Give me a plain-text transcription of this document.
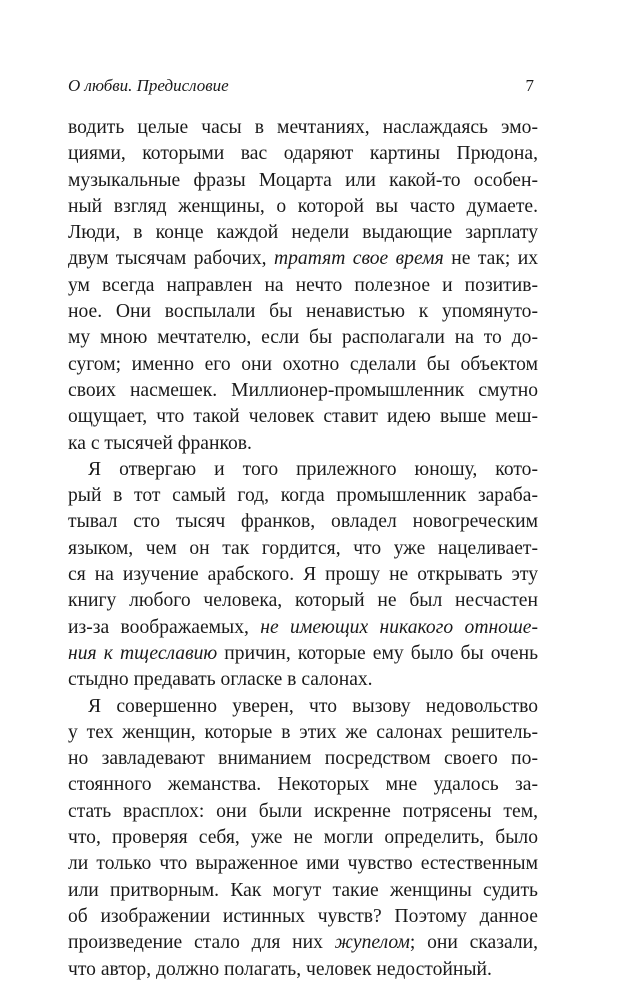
О любви. Предисловие	7
водить целые часы в мечтаниях, наслаждаясь эмо-
циями, которыми вас одаряют картины Прюдона,
музыкальные фразы Моцарта или какой-то особен-
ный взгляд женщины, о которой вы часто думаете.
Люди, в конце каждой недели выдающие зарплату
двум тысячам рабочих, тратят свое время не так; их
ум всегда направлен на нечто полезное и позитив-
ное. Они воспылали бы ненавистью к упомянуто-
му мною мечтателю, если бы располагали на то до-
сугом; именно его они охотно сделали бы объектом
своих насмешек. Миллионер-промышленник смутно
ощущает, что такой человек ставит идею выше меш-
ка с тысячей франков.
Я отвергаю и того прилежного юношу, кото-
рый в тот самый год, когда промышленник зараба-
тывал сто тысяч франков, овладел новогреческим
языком, чем он так гордится, что уже нацеливает-
ся на изучение арабского. Я прошу не открывать эту
книгу любого человека, который не был несчастен
из-за воображаемых, не имеющих никакого отноше-
ния к тщеславию причин, которые ему было бы очень
стыдно предавать огласке в салонах.
Я совершенно уверен, что вызову недовольство
у тех женщин, которые в этих же салонах решитель-
но завладевают вниманием посредством своего по-
стоянного жеманства. Некоторых мне удалось за-
стать врасплох: они были искренне потрясены тем,
что, проверяя себя, уже не могли определить, было
ли только что выраженное ими чувство естественным
или притворным. Как могут такие женщины судить
об изображении истинных чувств? Поэтому данное
произведение стало для них жупелом; они сказали,
что автор, должно полагать, человек недостойный.
